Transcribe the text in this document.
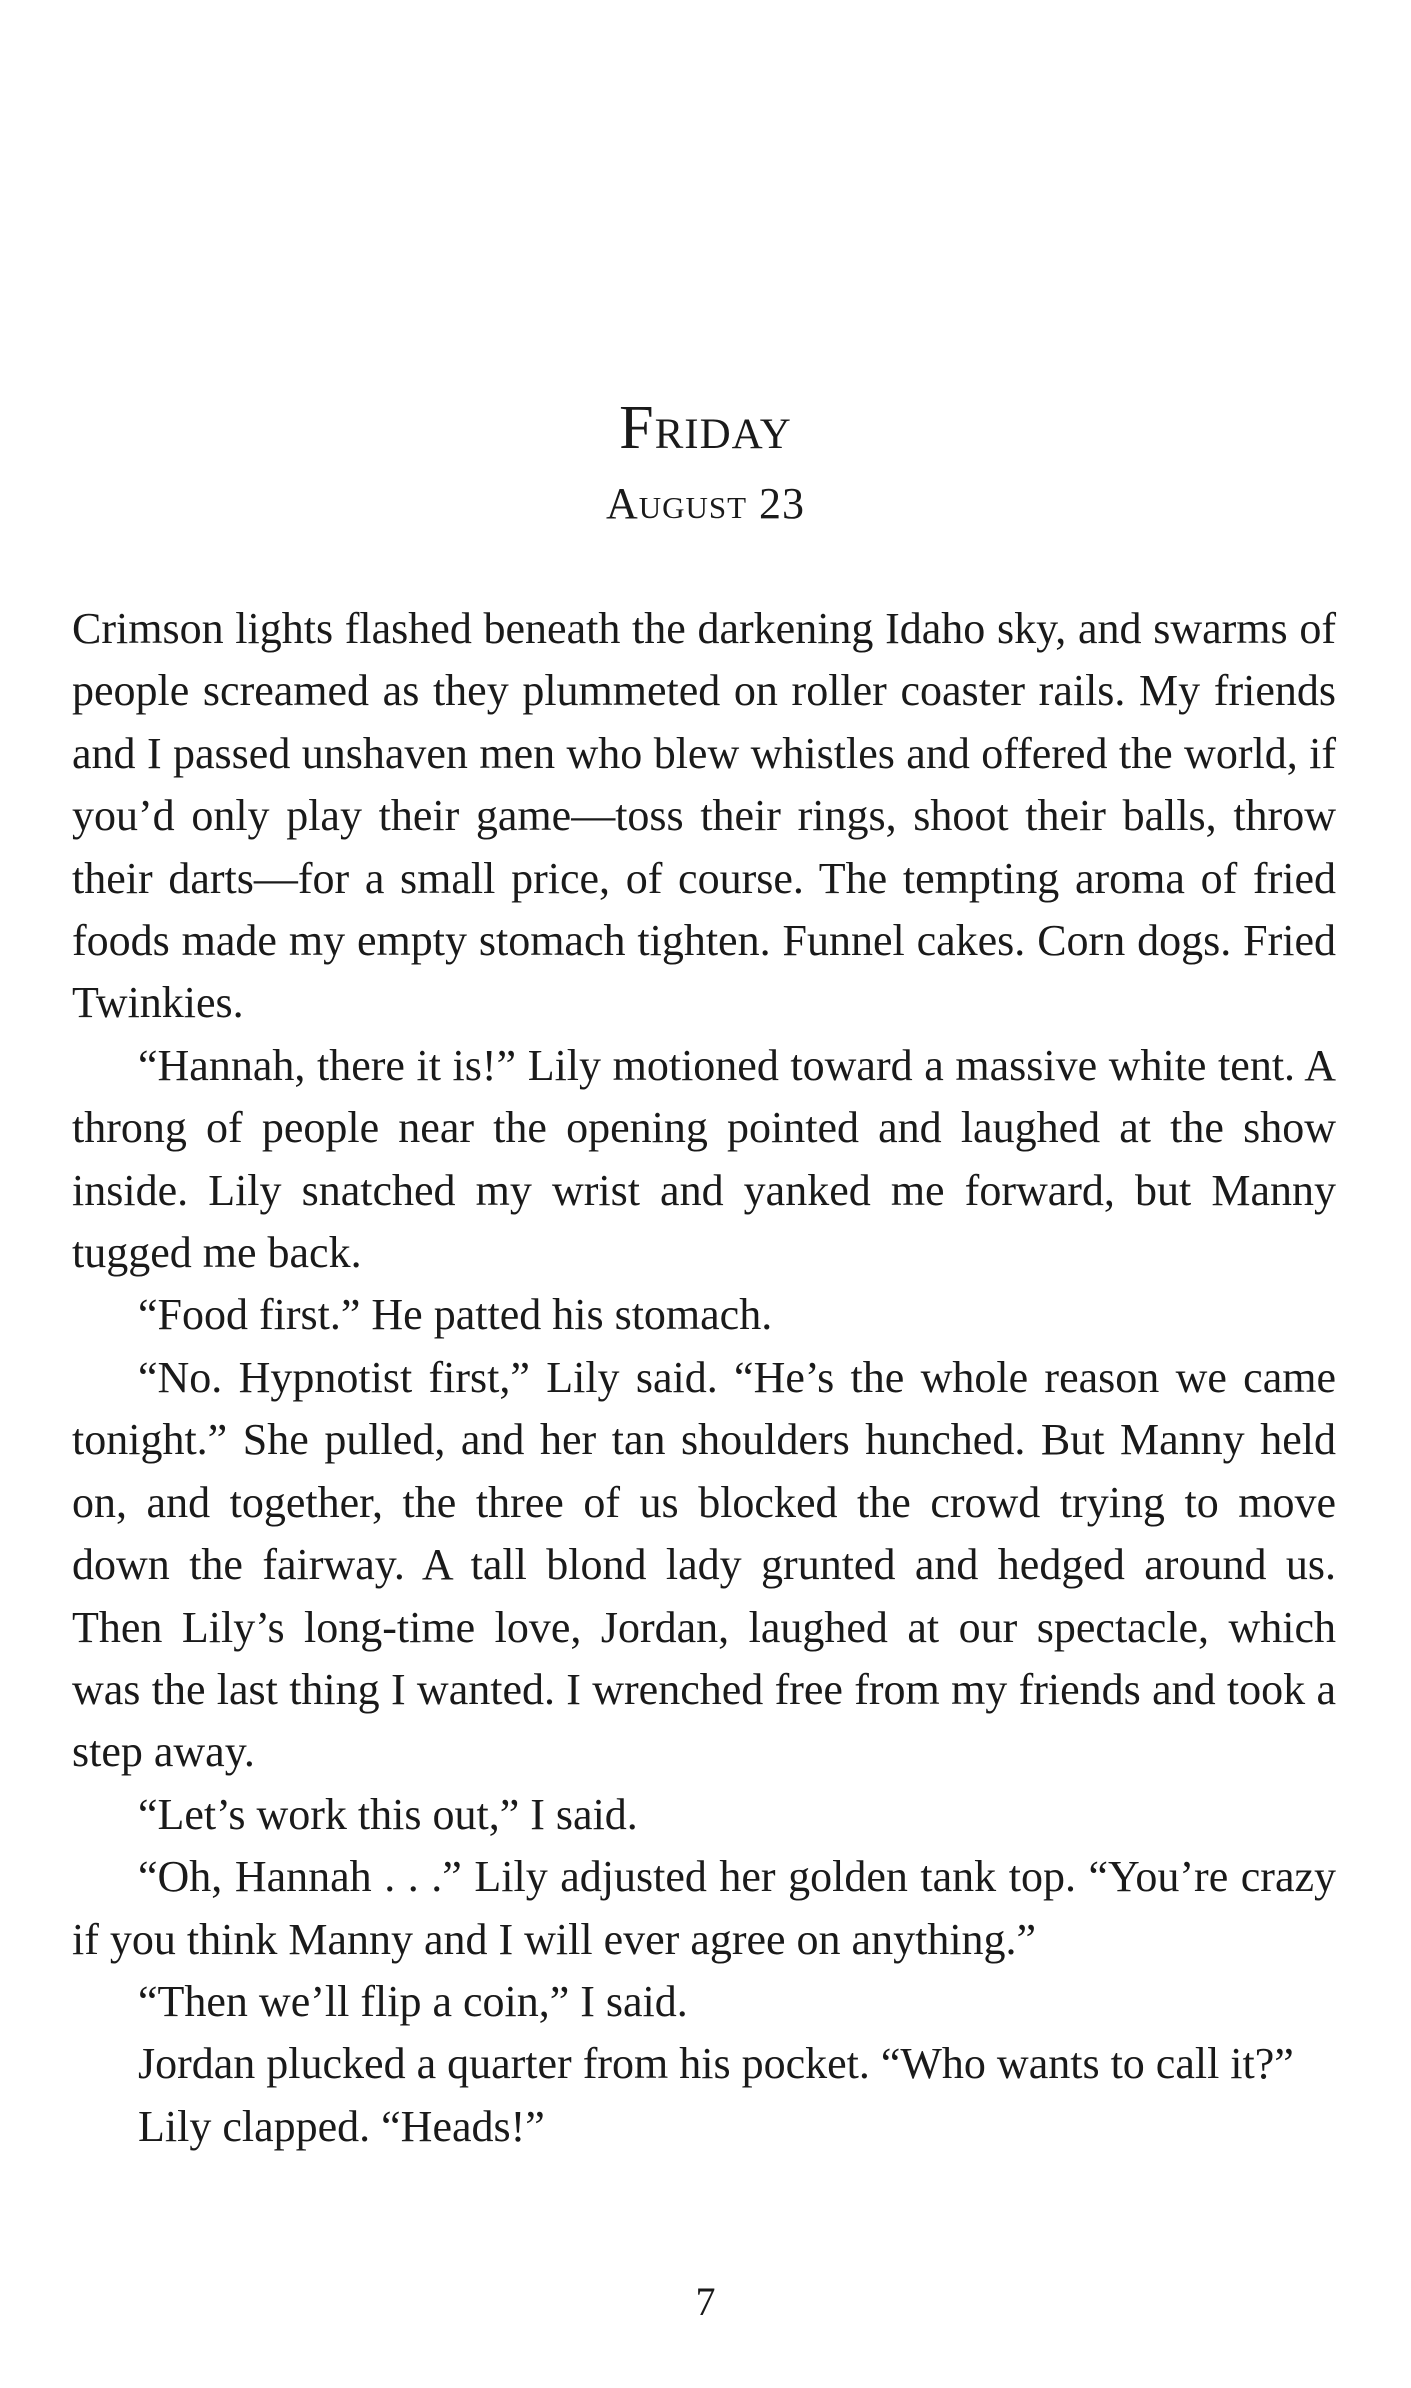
Friday
August 23

Crimson lights flashed beneath the darkening Idaho sky, and swarms of people screamed as they plummeted on roller coaster rails. My friends and I passed unshaven men who blew whistles and offered the world, if you’d only play their game—toss their rings, shoot their balls, throw their darts—for a small price, of course. The tempting aroma of fried foods made my empty stomach tighten. Funnel cakes. Corn dogs. Fried Twinkies.

“Hannah, there it is!” Lily motioned toward a massive white tent. A throng of people near the opening pointed and laughed at the show inside. Lily snatched my wrist and yanked me forward, but Manny tugged me back.

“Food first.” He patted his stomach.

“No. Hypnotist first,” Lily said. “He’s the whole reason we came tonight.” She pulled, and her tan shoulders hunched. But Manny held on, and together, the three of us blocked the crowd trying to move down the fairway. A tall blond lady grunted and hedged around us. Then Lily’s long-time love, Jordan, laughed at our spectacle, which was the last thing I wanted. I wrenched free from my friends and took a step away.

“Let’s work this out,” I said.

“Oh, Hannah . . .” Lily adjusted her golden tank top. “You’re crazy if you think Manny and I will ever agree on anything.”

“Then we’ll flip a coin,” I said.

Jordan plucked a quarter from his pocket. “Who wants to call it?”

Lily clapped. “Heads!”

7
